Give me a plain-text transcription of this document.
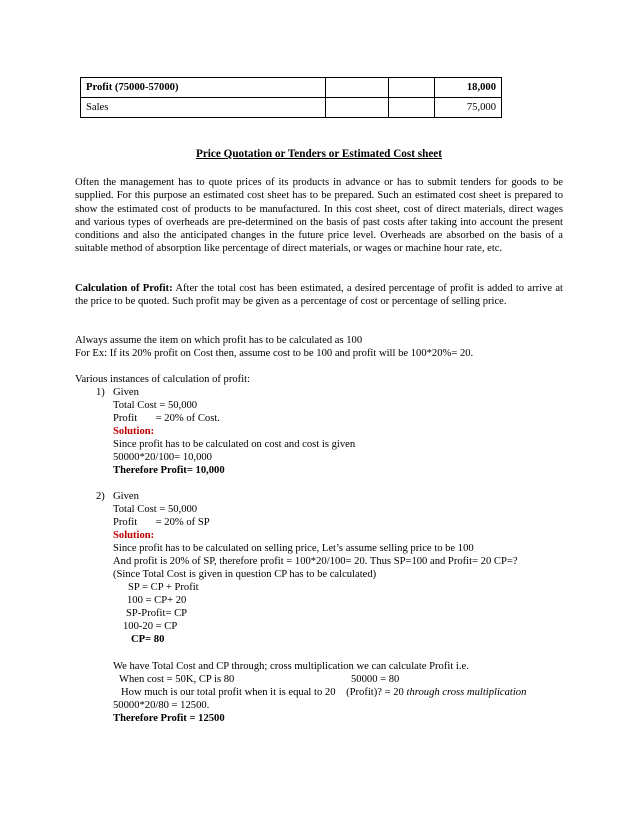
Profit (75000-57000)			18,000
Sales			75,000
Price Quotation or Tenders or Estimated Cost sheet

Often the management has to quote prices of its products in advance or has to submit tenders for goods to be supplied. For this purpose an estimated cost sheet has to be prepared. Such an estimated cost sheet is prepared to show the estimated cost of products to be manufactured. In this cost sheet, cost of direct materials, direct wages and various types of overheads are pre-determined on the basis of past costs after taking into account the present conditions and also the anticipated changes in the future price level. Overheads are absorbed on the basis of a suitable method of absorption like percentage of direct materials, or wages or machine hour rate, etc.

Calculation of Profit: After the total cost has been estimated, a desired percentage of profit is added to arrive at the price to be quoted. Such profit may be given as a percentage of cost or percentage of selling price.

Always assume the item on which profit has to be calculated as 100
For Ex: If its 20% profit on Cost then, assume cost to be 100 and profit will be 100*20%= 20.
Various instances of calculation of profit:
1) Given
Total Cost = 50,000
Profit       = 20% of Cost.
Solution:
Since profit has to be calculated on cost and cost is given
50000*20/100= 10,000
Therefore Profit= 10,000
2) Given
Total Cost = 50,000
Profit       = 20% of SP
Solution:
Since profit has to be calculated on selling price, Let’s assume selling price to be 100
And profit is 20% of SP, therefore profit = 100*20/100= 20. Thus SP=100 and Profit= 20 CP=?
(Since Total Cost is given in question CP has to be calculated)
SP = CP + Profit
100 = CP+ 20
SP-Profit= CP
100-20 = CP
CP= 80
We have Total Cost and CP through; cross multiplication we can calculate Profit i.e.
When cost = 50K, CP is 80	50000 = 80
How much is our total profit when it is equal to 20    (Profit)? = 20 through cross multiplication
50000*20/80 = 12500.
Therefore Profit = 12500
